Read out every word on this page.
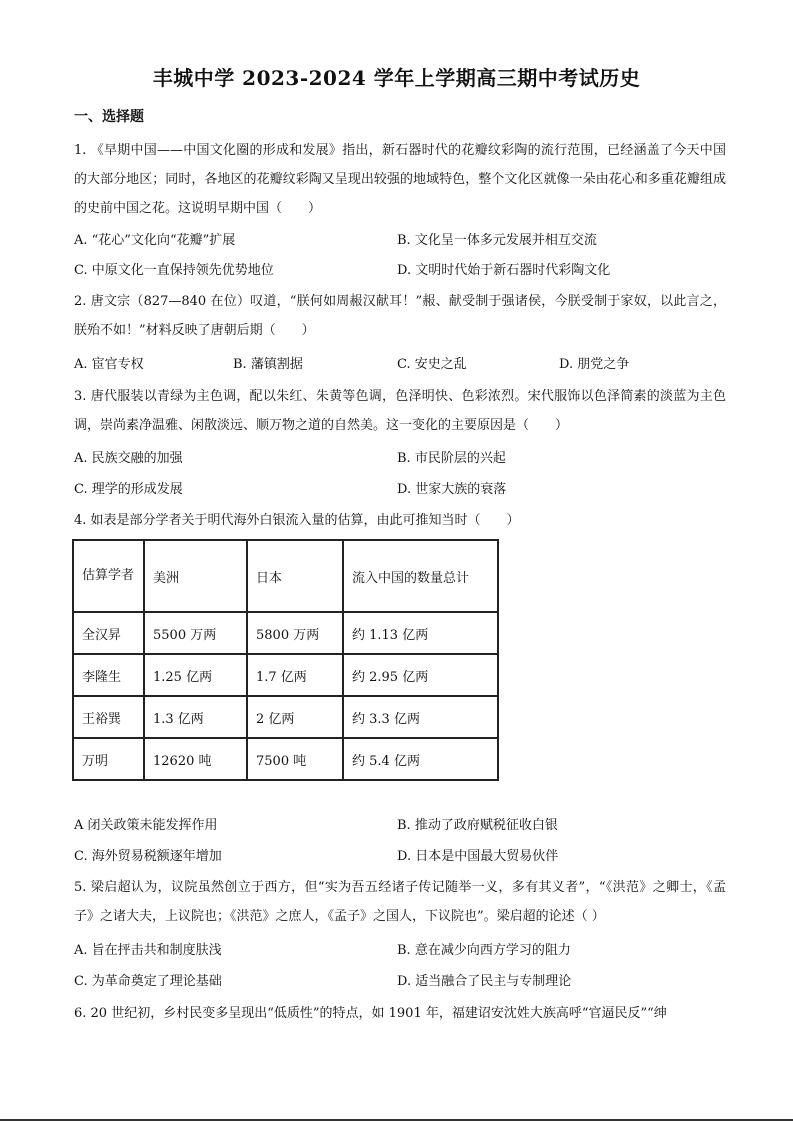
丰城中学 2023-2024 学年上学期高三期中考试历史
一、选择题
1. 《早期中国——中国文化圈的形成和发展》指出，新石器时代的花瓣纹彩陶的流行范围，已经涵盖了今天中国的大部分地区；同时，各地区的花瓣纹彩陶又呈现出较强的地域特色，整个文化区就像一朵由花心和多重花瓣组成的史前中国之花。这说明早期中国（　　）
A. “花心”文化向“花瓣”扩展	B. 文化呈一体多元发展并相互交流
C. 中原文化一直保持领先优势地位	D. 文明时代始于新石器时代彩陶文化
2. 唐文宗（827—840 在位）叹道，“朕何如周赧汉献耳！”赧、献受制于强诸侯，今朕受制于家奴，以此言之，朕殆不如！”材料反映了唐朝后期（　　）
A. 宦官专权	B. 藩镇割据	C. 安史之乱	D. 朋党之争
3. 唐代服装以青绿为主色调，配以朱红、朱黄等色调，色泽明快、色彩浓烈。宋代服饰以色泽简素的淡蓝为主色调，崇尚素净温雅、闲散淡远、顺万物之道的自然美。这一变化的主要原因是（　　）
A. 民族交融的加强	B. 市民阶层的兴起
C. 理学的形成发展	D. 世家大族的衰落
4. 如表是部分学者关于明代海外白银流入量的估算，由此可推知当时（　　）
估算学者	美洲	日本	流入中国的数量总计
全汉昇	5500 万两	5800 万两	约 1.13 亿两
李隆生	1.25 亿两	1.7 亿两	约 2.95 亿两
王裕巽	1.3 亿两	2 亿两	约 3.3 亿两
万明	12620 吨	7500 吨	约 5.4 亿两
A 闭关政策未能发挥作用	B. 推动了政府赋税征收白银
C. 海外贸易税额逐年增加	D. 日本是中国最大贸易伙伴
5. 梁启超认为，议院虽然创立于西方，但“实为吾五经诸子传记随举一义，多有其义者”，“《洪范》之卿士，《孟子》之诸大夫，上议院也；《洪范》之庶人，《孟子》之国人，下议院也”。梁启超的论述（ ）
A. 旨在抨击共和制度肤浅	B. 意在减少向西方学习的阻力
C. 为革命奠定了理论基础	D. 适当融合了民主与专制理论
6. 20 世纪初，乡村民变多呈现出“低质性”的特点，如 1901 年，福建诏安沈姓大族高呼“官逼民反”“绅
